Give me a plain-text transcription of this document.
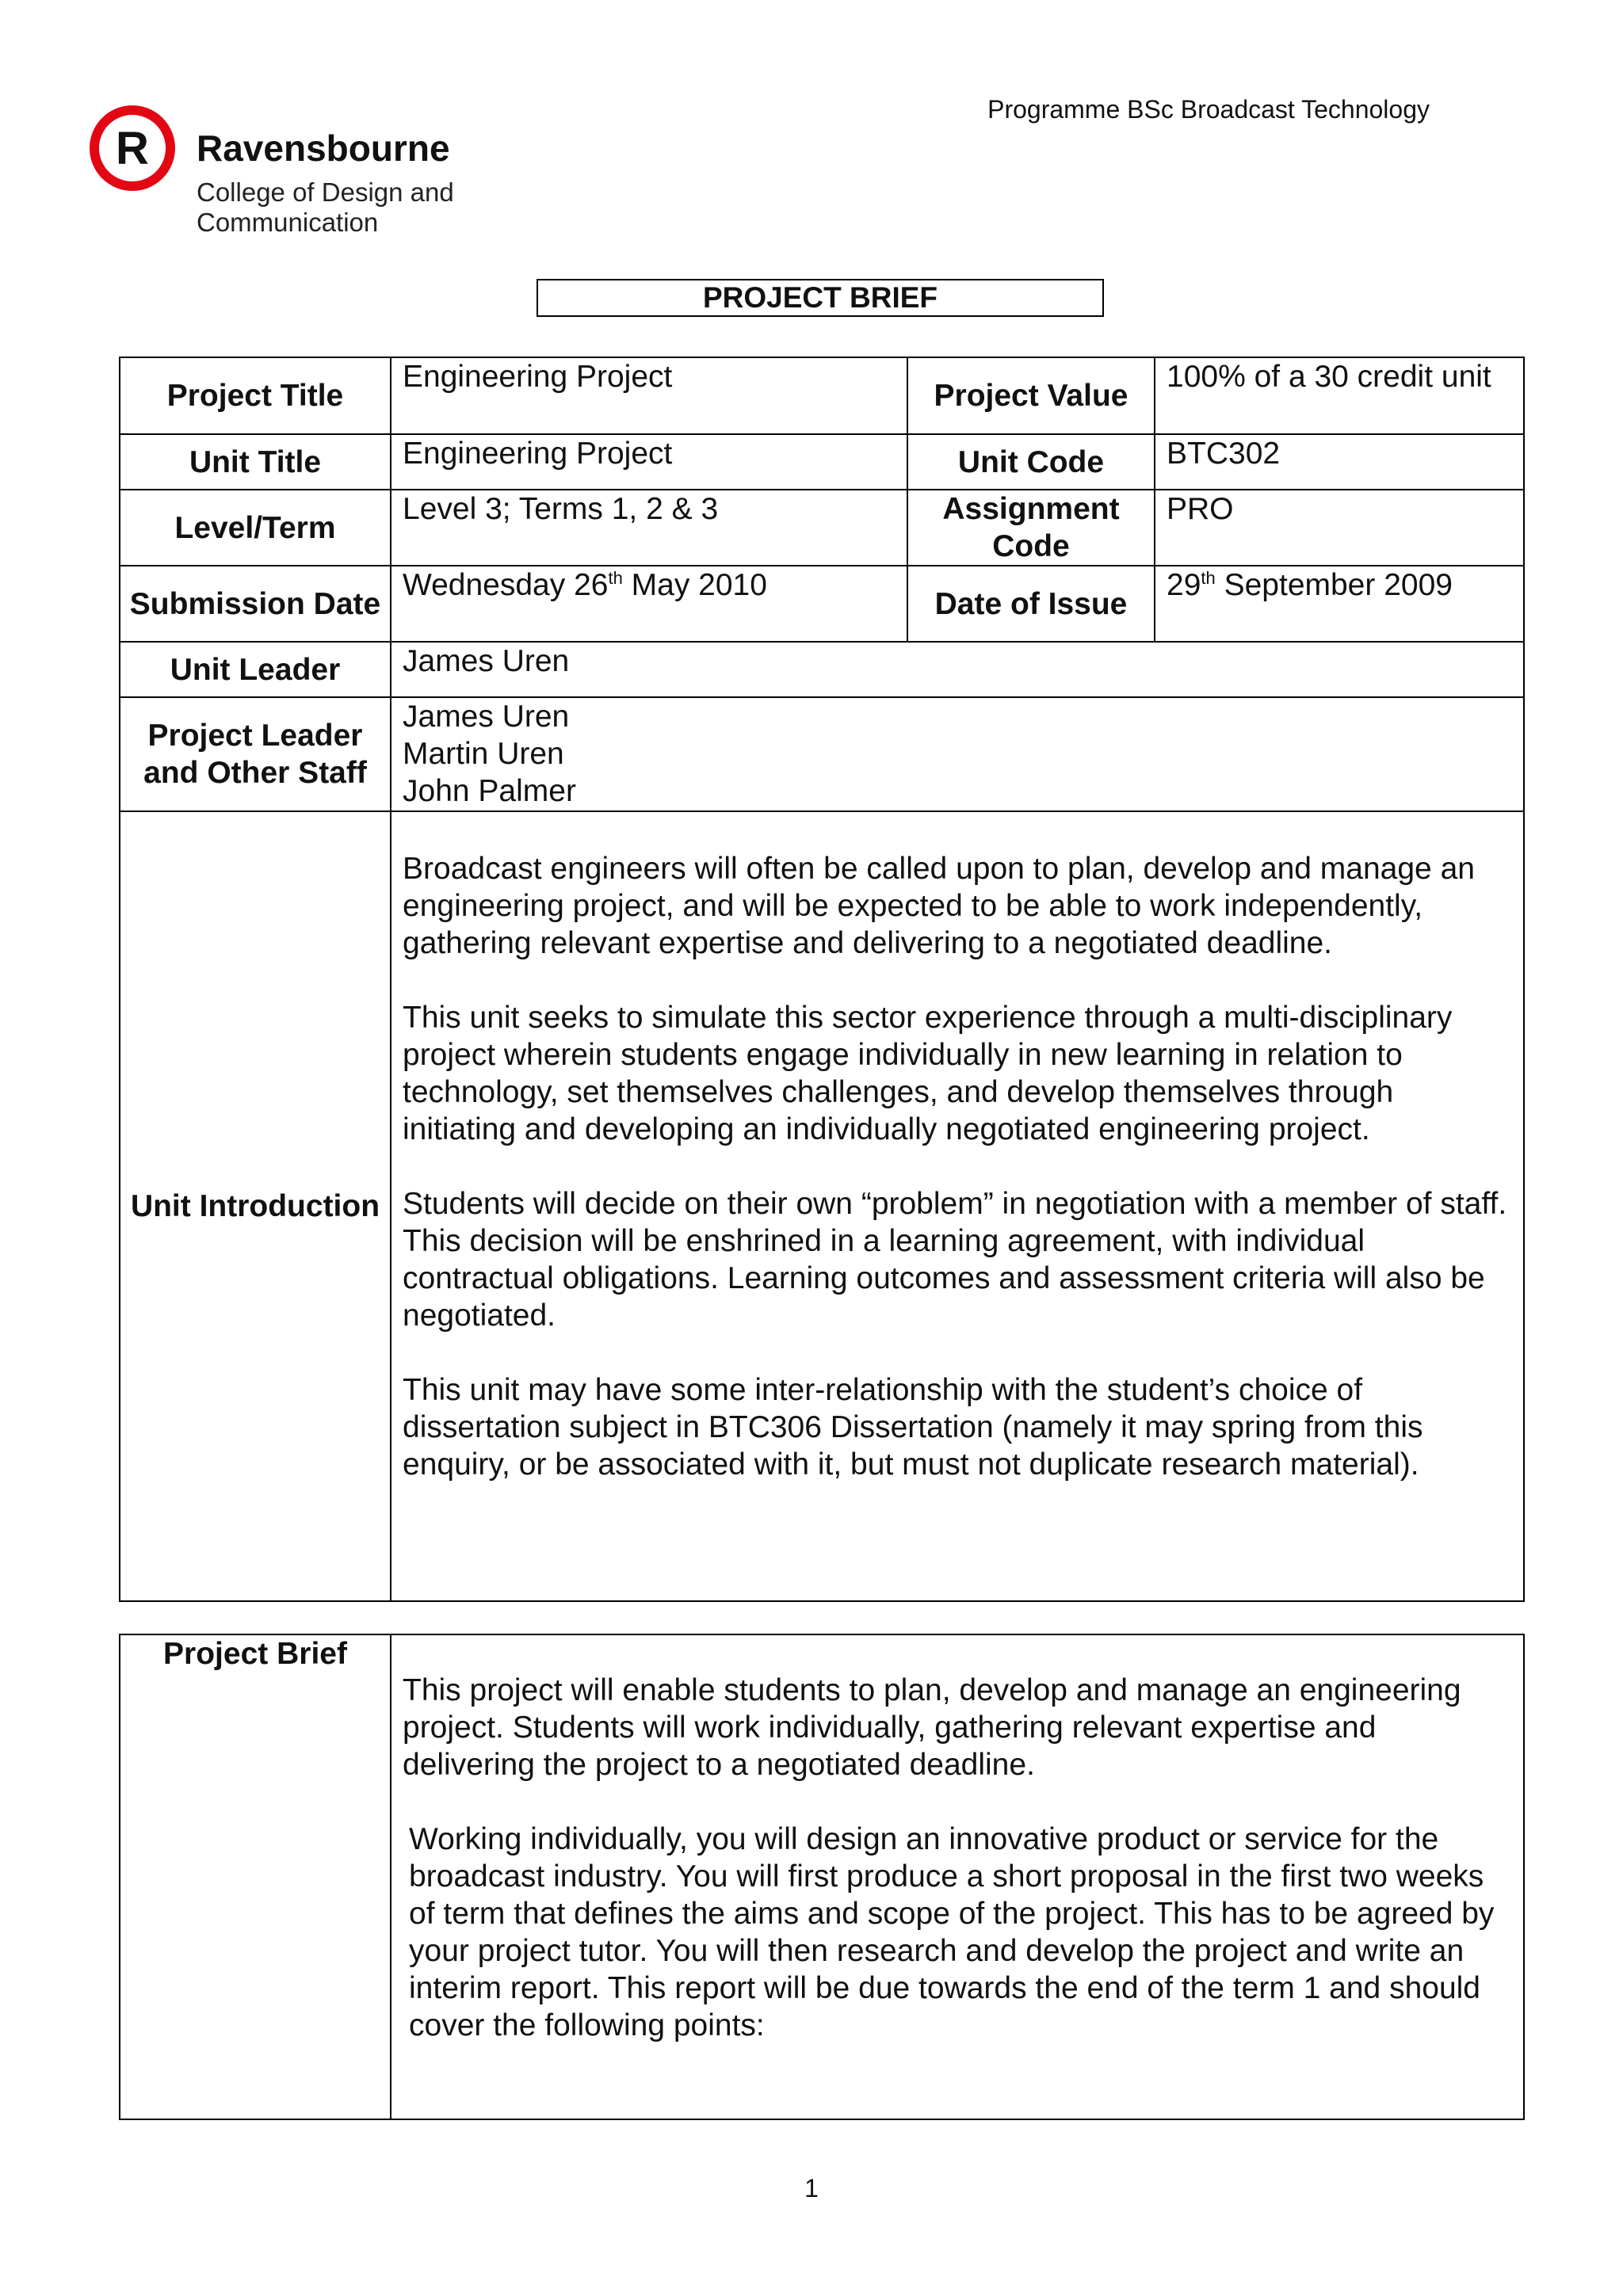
Programme BSc Broadcast Technology
R Ravensbourne
College of Design and Communication
PROJECT BRIEF
Project Title	Engineering Project	Project Value	100% of a 30 credit unit
Unit Title	Engineering Project	Unit Code	BTC302
Level/Term	Level 3; Terms 1, 2 & 3	Assignment Code	PRO
Submission Date	Wednesday 26th May 2010	Date of Issue	29th September 2009
Unit Leader	James Uren		
Project Leader and Other Staff	James Uren
Martin Uren
John Palmer		

Unit Introduction	Broadcast engineers will often be called upon to plan, develop and manage an engineering project, and will be expected to be able to work independently, gathering relevant expertise and delivering to a negotiated deadline.

This unit seeks to simulate this sector experience through a multi-disciplinary project wherein students engage individually in new learning in relation to technology, set themselves challenges, and develop themselves through initiating and developing an individually negotiated engineering project.

Students will decide on their own “problem” in negotiation with a member of staff. This decision will be enshrined in a learning agreement, with individual contractual obligations. Learning outcomes and assessment criteria will also be negotiated.

This unit may have some inter-relationship with the student’s choice of dissertation subject in BTC306 Dissertation (namely it may spring from this enquiry, or be associated with it, but must not duplicate research material).		

Project Brief	

This project will enable students to plan, develop and manage an engineering project. Students will work individually, gathering relevant expertise and delivering the project to a negotiated deadline.

Working individually, you will design an innovative product or service for the broadcast industry. You will first produce a short proposal in the first two weeks of term that defines the aims and scope of the project. This has to be agreed by your project tutor. You will then research and develop the project and write an interim report. This report will be due towards the end of the term 1 and should cover the following points:

1
